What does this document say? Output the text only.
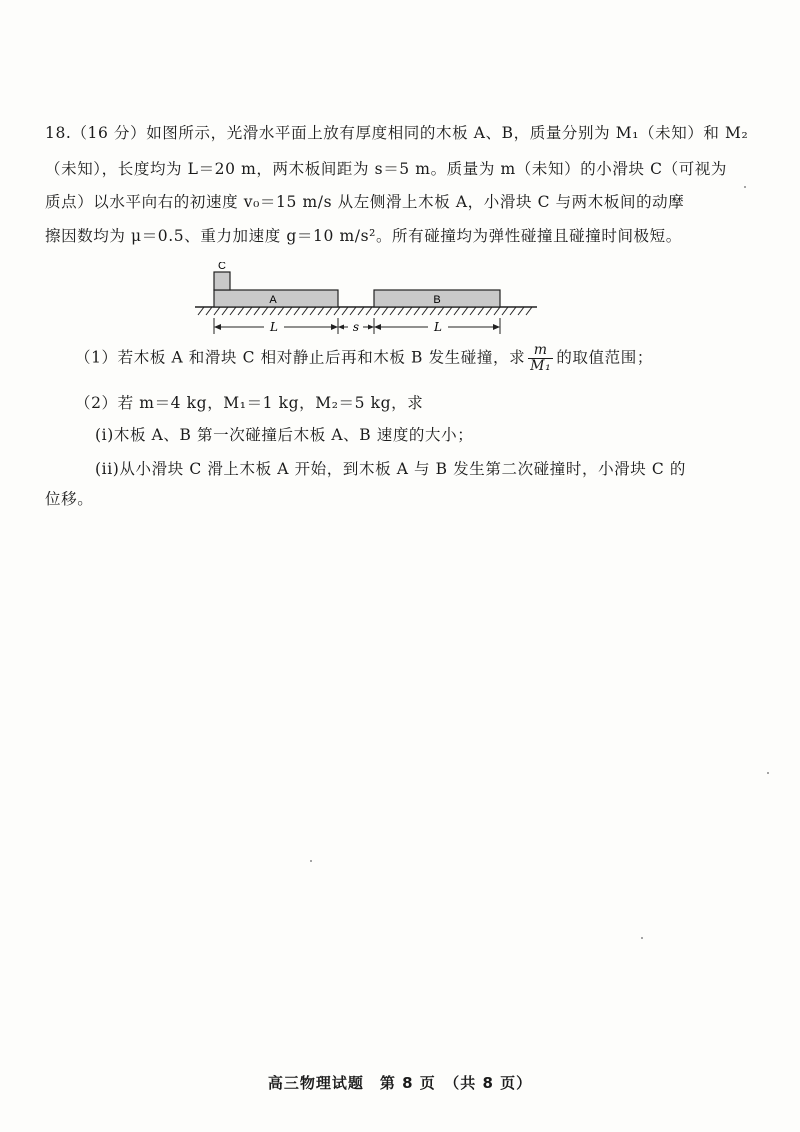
18.（16 分）如图所示，光滑水平面上放有厚度相同的木板 A、B，质量分别为 M₁（未知）和 M₂
（未知），长度均为 L＝20 m，两木板间距为 s＝5 m。质量为 m（未知）的小滑块 C（可视为
质点）以水平向右的初速度 v₀＝15 m/s 从左侧滑上木板 A，小滑块 C 与两木板间的动摩
擦因数均为 μ＝0.5、重力加速度 g＝10 m/s²。所有碰撞均为弹性碰撞且碰撞时间极短。
A
C
B
L	s	L
（1）若木板 A 和滑块 C 相对静止后再和木板 B 发生碰撞，求 $\frac{m}{\text{M₁}}$ 的取值范围；
（2）若 m＝4 kg，M₁＝1 kg，M₂＝5 kg，求
(i)木板 A、B 第一次碰撞后木板 A、B 速度的大小；
(ii)从小滑块 C 滑上木板 A 开始，到木板 A 与 B 发生第二次碰撞时，小滑块 C 的
位移。
高三物理试题　第 8 页　（共 8 页）
